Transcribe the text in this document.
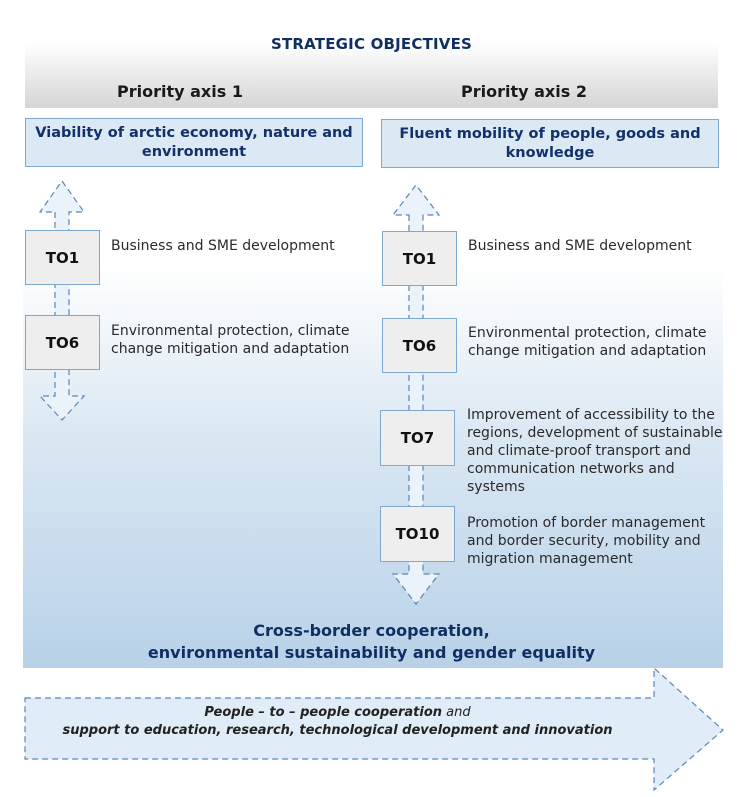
STRATEGIC OBJECTIVES
Priority axis 1	Priority axis 2
Viability of arctic economy, nature and environment
Fluent mobility of people, goods and knowledge
TO1
Business and SME development
TO6
Environmental protection, climate change mitigation and adaptation
TO1
Business and SME development
TO6
Environmental protection, climate change mitigation and adaptation
TO7
Improvement of accessibility to the regions, development of sustainable and climate-proof transport and communication networks and systems
TO10
Promotion of border management and border security, mobility and migration management
Cross-border cooperation,
environmental sustainability and gender equality
People – to – people cooperation and
support to education, research, technological development and innovation
